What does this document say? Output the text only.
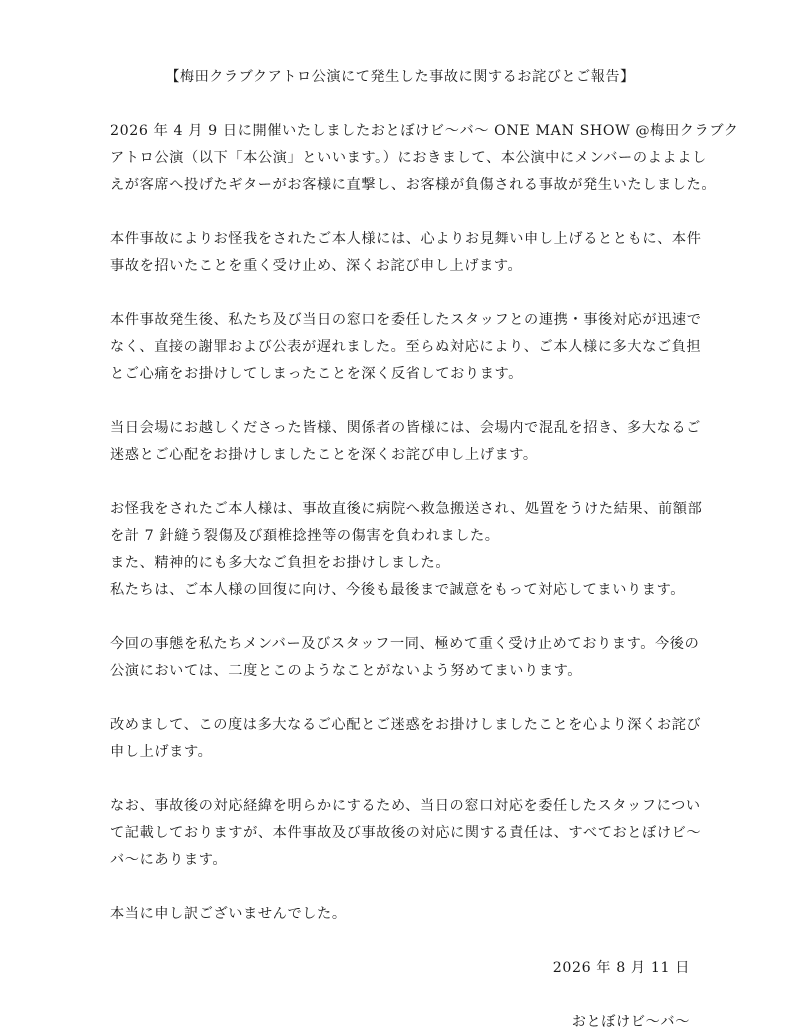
【梅田クラブクアトロ公演にて発生した事故に関するお詫びとご報告】
2026 年 4 月 9 日に開催いたしましたおとぼけビ〜バ〜 ONE MAN SHOW @梅田クラブク
アトロ公演（以下「本公演」といいます。）におきまして、本公演中にメンバーのよよよし
えが客席へ投げたギターがお客様に直撃し、お客様が負傷される事故が発生いたしました。
本件事故によりお怪我をされたご本人様には、心よりお見舞い申し上げるとともに、本件
事故を招いたことを重く受け止め、深くお詫び申し上げます。
本件事故発生後、私たち及び当日の窓口を委任したスタッフとの連携・事後対応が迅速で
なく、直接の謝罪および公表が遅れました。至らぬ対応により、ご本人様に多大なご負担
とご心痛をお掛けしてしまったことを深く反省しております。
当日会場にお越しくださった皆様、関係者の皆様には、会場内で混乱を招き、多大なるご
迷惑とご心配をお掛けしましたことを深くお詫び申し上げます。
お怪我をされたご本人様は、事故直後に病院へ救急搬送され、処置をうけた結果、前額部
を計 7 針縫う裂傷及び頚椎捻挫等の傷害を負われました。
また、精神的にも多大なご負担をお掛けしました。
私たちは、ご本人様の回復に向け、今後も最後まで誠意をもって対応してまいります。
今回の事態を私たちメンバー及びスタッフ一同、極めて重く受け止めております。今後の
公演においては、二度とこのようなことがないよう努めてまいります。
改めまして、この度は多大なるご心配とご迷惑をお掛けしましたことを心より深くお詫び
申し上げます。
なお、事故後の対応経緯を明らかにするため、当日の窓口対応を委任したスタッフについ
て記載しておりますが、本件事故及び事故後の対応に関する責任は、すべておとぼけビ〜
バ〜にあります。
本当に申し訳ございませんでした。
2026 年 8 月 11 日
おとぼけビ〜バ〜
